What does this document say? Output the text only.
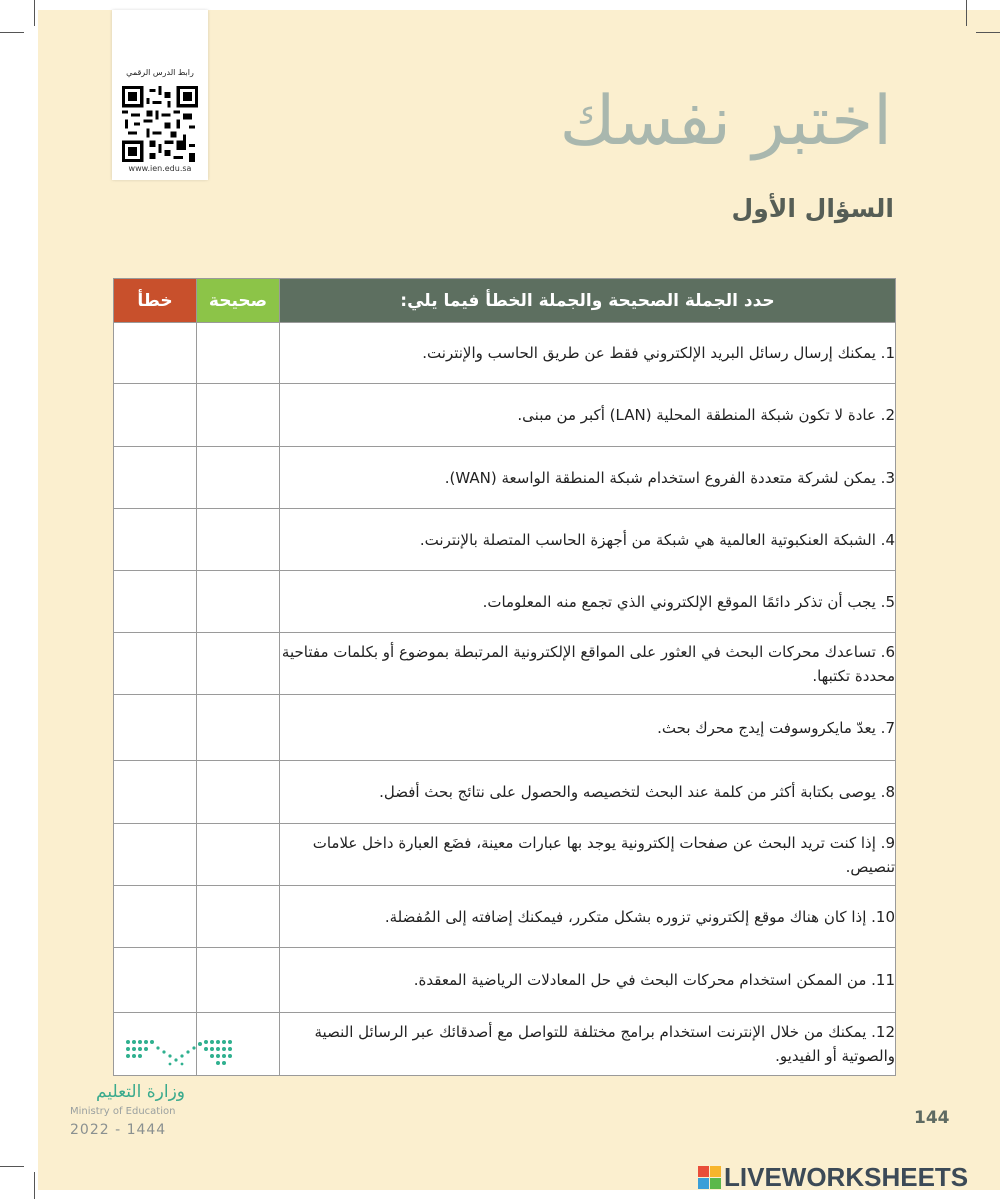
رابط الدرس الرقمي
www.ien.edu.sa
اختبر نفسك
السؤال الأول
خطأ	صحيحة	حدد الجملة الصحيحة والجملة الخطأ فيما يلي:
		1. يمكنك إرسال رسائل البريد الإلكتروني فقط عن طريق الحاسب والإنترنت.
		2. عادة لا تكون شبكة المنطقة المحلية (LAN) أكبر من مبنى.
		3. يمكن لشركة متعددة الفروع استخدام شبكة المنطقة الواسعة (WAN).
		4. الشبكة العنكبوتية العالمية هي شبكة من أجهزة الحاسب المتصلة بالإنترنت.
		5. يجب أن تذكر دائمًا الموقع الإلكتروني الذي تجمع منه المعلومات.
		6. تساعدك محركات البحث في العثور على المواقع الإلكترونية المرتبطة بموضوع أو بكلمات مفتاحية محددة تكتبها.
		7. يعدّ مايكروسوفت إيدج محرك بحث.
		8. يوصى بكتابة أكثر من كلمة عند البحث لتخصيصه والحصول على نتائج بحث أفضل.
		9. إذا كنت تريد البحث عن صفحات إلكترونية يوجد بها عبارات معينة، فضَع العبارة داخل علامات تنصيص.
		10. إذا كان هناك موقع إلكتروني تزوره بشكل متكرر، فيمكنك إضافته إلى المُفضلة.
		11. من الممكن استخدام محركات البحث في حل المعادلات الرياضية المعقدة.
		12. يمكنك من خلال الإنترنت استخدام برامج مختلفة للتواصل مع أصدقائك عبر الرسائل النصية والصوتية أو الفيديو.
وزارة التعليم
Ministry of Education
2022 - 1444
144
LIVEWORKSHEETS
